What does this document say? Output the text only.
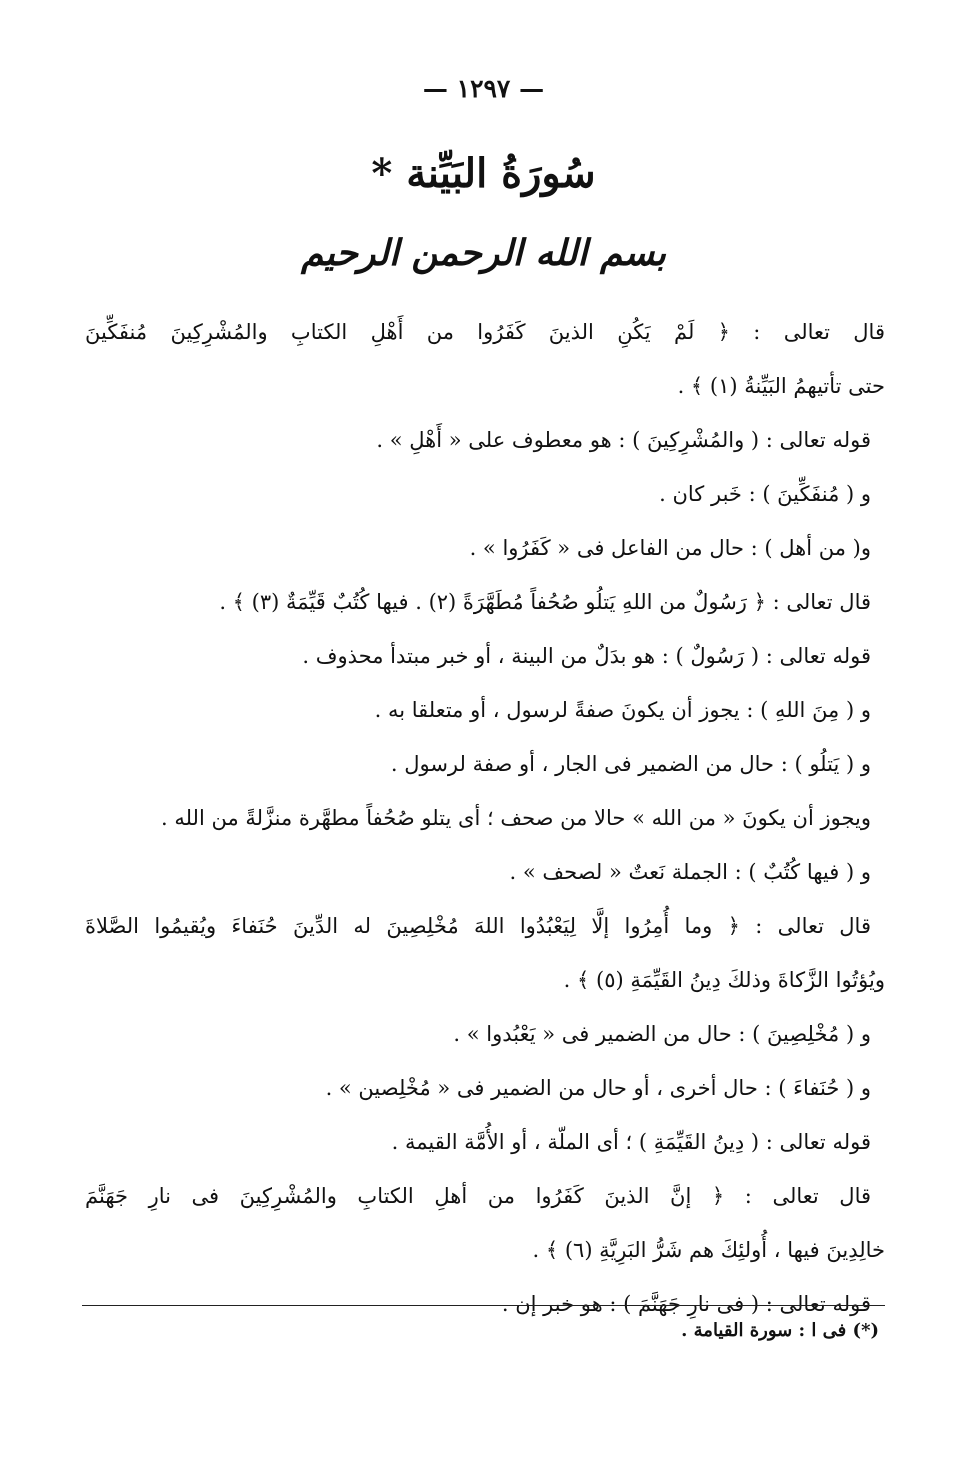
— ١٢٩٧ —
سُورَةُ البَيِّنة *
بسم الله الرحمن الرحيم
قال تعالى : ﴿ لَمْ يَكُنِ الذينَ كَفَرُوا من أَهْلِ الكتابِ والمُشْرِكِينَ مُنفَكِّينَ
حتى تأتيهمُ البَيِّنةُ (١) ﴾ .
قوله تعالى : ( والمُشْرِكِينَ ) : هو معطوف على « أَهْلِ » .
و ( مُنفَكِّينَ ) : خَبر كان .
و( من أهل ) : حال من الفاعل فى « كَفَرُوا » .
قال تعالى : ﴿ رَسُولٌ من اللهِ يَتلُو صُحُفاً مُطَهَّرَةً (٢) . فيها كُتُبٌ قَيِّمَةٌ (٣) ﴾ .
قوله تعالى : ( رَسُولٌ ) : هو بدَلٌ من البينة ، أو خبر مبتدأ محذوف .
و ( مِنَ اللهِ ) : يجوز أن يكونَ صفةً لرسول ، أو متعلقا به .
و ( يَتلُو ) : حال من الضمير فى الجار ، أو صفة لرسول .
ويجوز أن يكونَ « من الله » حالا من صحف ؛ أى يتلو صُحُفاً مطهَّرة منزَّلةً من الله .
و ( فيها كُتُبٌ ) : الجملة نَعتٌ « لصحف » .
قال تعالى : ﴿ وما أُمِرُوا إلَّا لِيَعْبُدُوا اللهَ مُخْلِصِينَ له الدِّينَ حُنَفاءَ ويُقيمُوا الصَّلاةَ
ويُؤتُوا الزَّكاةَ وذلكَ دِينُ القَيِّمَةِ (٥) ﴾ .
و ( مُخْلِصِينَ ) : حال من الضمير فى « يَعْبُدوا » .
و ( حُنَفاءَ ) : حال أخرى ، أو حال من الضمير فى « مُخْلِصين » .
قوله تعالى : ( دِينُ القَيِّمَةِ ) ؛ أى الملّة ، أو الأُمَّة القيمة .
قال تعالى : ﴿ إنَّ الذينَ كَفَرُوا من أهلِ الكتابِ والمُشْرِكِينَ فى نارِ جَهَنَّمَ
خالِدِينَ فيها ، أُولئِكَ هم شَرُّ البَرِيَّةِ (٦) ﴾ .
قوله تعالى : ( فى نارِ جَهَنَّمَ ) : هو خبر إن .
(*) فى ا : سورة القيامة .
